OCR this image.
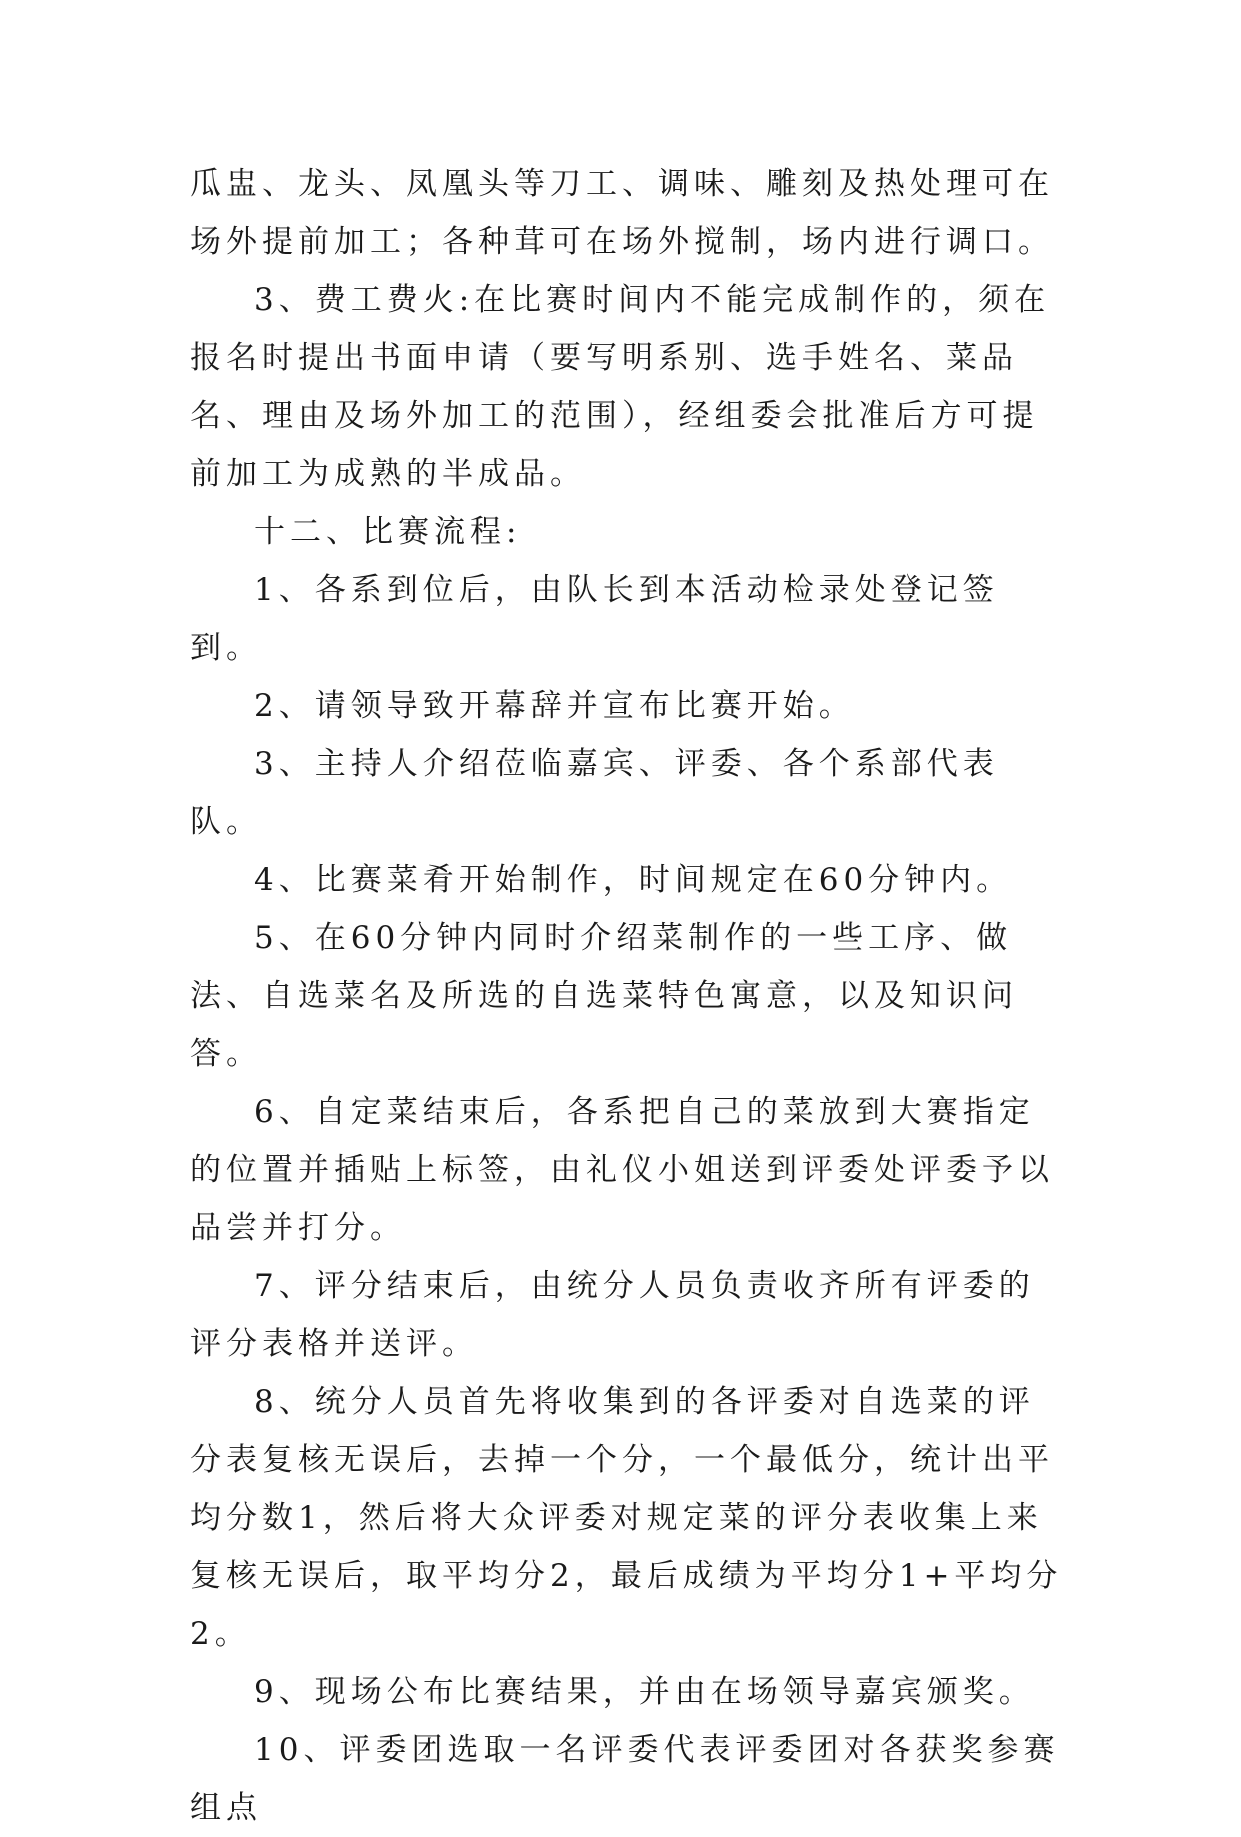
瓜盅、龙头、凤凰头等刀工、调味、雕刻及热处理可在场外提前加工；各种茸可在场外搅制，场内进行调口。

3、费工费火:在比赛时间内不能完成制作的，须在报名时提出书面申请（要写明系别、选手姓名、菜品名、理由及场外加工的范围），经组委会批准后方可提前加工为成熟的半成品。

十二、比赛流程:

1、各系到位后，由队长到本活动检录处登记签到。

2、请领导致开幕辞并宣布比赛开始。

3、主持人介绍莅临嘉宾、评委、各个系部代表队。

4、比赛菜肴开始制作，时间规定在60分钟内。

5、在60分钟内同时介绍菜制作的一些工序、做法、自选菜名及所选的自选菜特色寓意，以及知识问答。

6、自定菜结束后，各系把自己的菜放到大赛指定的位置并插贴上标签，由礼仪小姐送到评委处评委予以品尝并打分。

7、评分结束后，由统分人员负责收齐所有评委的评分表格并送评。

8、统分人员首先将收集到的各评委对自选菜的评分表复核无误后，去掉一个分，一个最低分，统计出平均分数1，然后将大众评委对规定菜的评分表收集上来复核无误后，取平均分2，最后成绩为平均分1+平均分2。

9、现场公布比赛结果，并由在场领导嘉宾颁奖。

10、评委团选取一名评委代表评委团对各获奖参赛组点
